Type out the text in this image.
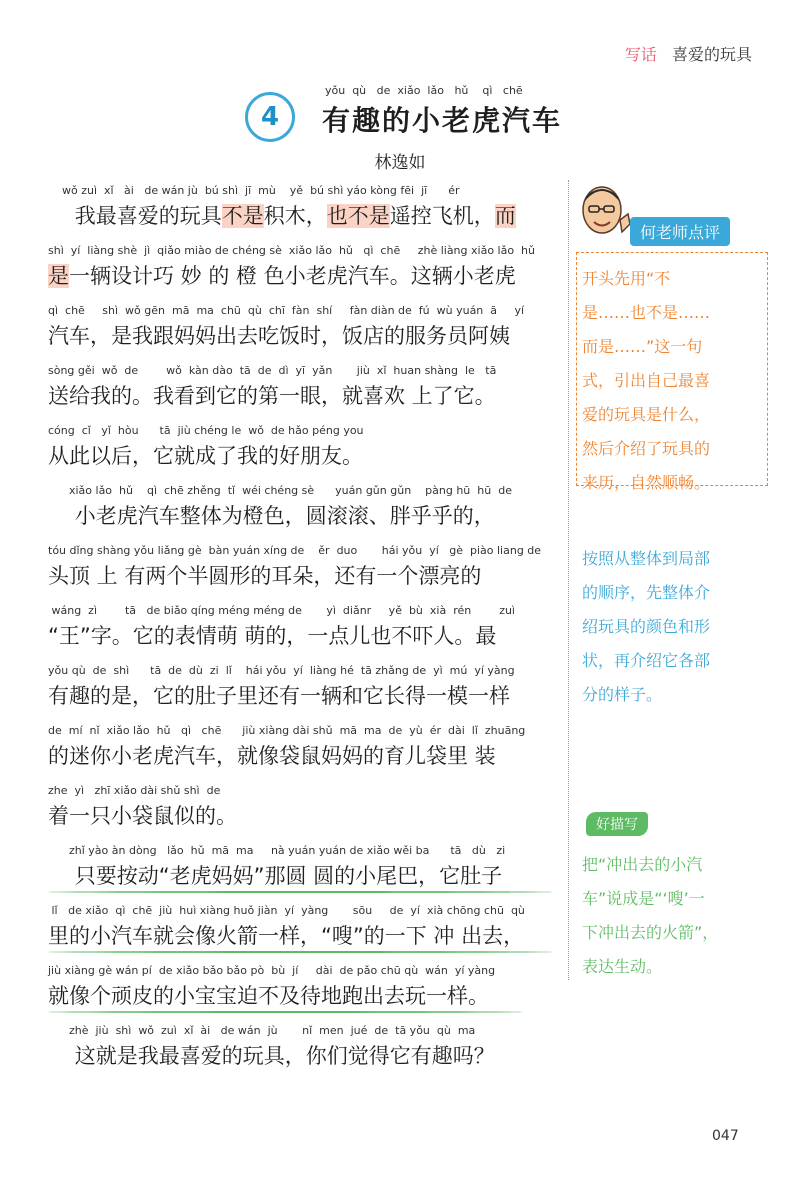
写话 喜爱的玩具
4
yǒu  qù   de  xiǎo  lǎo   hǔ    qì   chē
有趣的小老虎汽车
林逸如
wǒ zuì  xǐ   ài   de wán jù  bú shì  jī  mù    yě  bú shì yáo kòng fēi  jī      ér
我最喜爱的玩具不是积木，也不是遥控飞机，而
shì  yí  liàng shè  jì  qiǎo miào de chéng sè  xiǎo lǎo  hǔ   qì  chē     zhè liàng xiǎo lǎo  hǔ
是一辆设计巧 妙 的 橙 色小老虎汽车。这辆小老虎
qì  chē     shì  wǒ gēn  mā  ma  chū  qù  chī  fàn  shí     fàn diàn de  fú  wù yuán  ā     yí
汽车，是我跟妈妈出去吃饭时，饭店的服务员阿姨
sòng gěi  wǒ  de        wǒ  kàn dào  tā  de  dì  yī  yǎn       jiù  xǐ  huan shàng  le   tā
送给我的。我看到它的第一眼，就喜欢 上了它。
cóng  cǐ   yǐ  hòu      tā  jiù chéng le  wǒ  de hǎo péng you
从此以后，它就成了我的好朋友。
xiǎo lǎo  hǔ    qì  chē zhěng  tǐ  wéi chéng sè      yuán gǔn gǔn    pàng hū  hū  de
小老虎汽车整体为橙色，圆滚滚、胖乎乎的，
tóu dǐng shàng yǒu liǎng gè  bàn yuán xíng de    ěr  duo       hái yǒu  yí   gè  piào liang de
头顶 上 有两个半圆形的耳朵，还有一个漂亮的
wáng  zì        tā   de biǎo qíng méng méng de       yì  diǎnr     yě  bù  xià  rén        zuì
“王”字。它的表情萌 萌的，一点儿也不吓人。最
yǒu qù  de  shì      tā  de  dù  zi  lǐ    hái yǒu  yí  liàng hé  tā zhǎng de  yì  mú  yí yàng
有趣的是，它的肚子里还有一辆和它长得一模一样
de  mí  nǐ  xiǎo lǎo  hǔ   qì   chē      jiù xiàng dài shǔ  mā  ma  de  yù  ér  dài  lǐ  zhuāng
的迷你小老虎汽车，就像袋鼠妈妈的育儿袋里 装
zhe  yì   zhī xiǎo dài shǔ shì  de
着一只小袋鼠似的。
zhǐ yào àn dòng   lǎo  hǔ  mā  ma     nà yuán yuán de xiǎo wěi ba      tā   dù   zi
只要按动“老虎妈妈”那圆 圆的小尾巴，它肚子
lǐ   de xiǎo  qì  chē  jiù  huì xiàng huǒ jiàn  yí  yàng       sōu     de  yí  xià chōng chū  qù
里的小汽车就会像火箭一样，“嗖”的一下 冲 出去，
jiù xiàng gè wán pí  de xiǎo bǎo bǎo pò  bù  jí     dài  de pǎo chū qù  wán  yí yàng
就像个顽皮的小宝宝迫不及待地跑出去玩一样。
zhè  jiù  shì  wǒ  zuì  xǐ  ài   de wán  jù       nǐ  men  jué  de  tā yǒu  qù  ma
这就是我最喜爱的玩具，你们觉得它有趣吗？
何老师点评
开头先用“不
是……也不是……
而是……”这一句
式，引出自己最喜
爱的玩具是什么，
然后介绍了玩具的
来历，自然顺畅。
按照从整体到局部
的顺序，先整体介
绍玩具的颜色和形
状，再介绍它各部
分的样子。
好描写
把“冲出去的小汽
车”说成是“‘嗖’一
下冲出去的火箭”，
表达生动。
047
